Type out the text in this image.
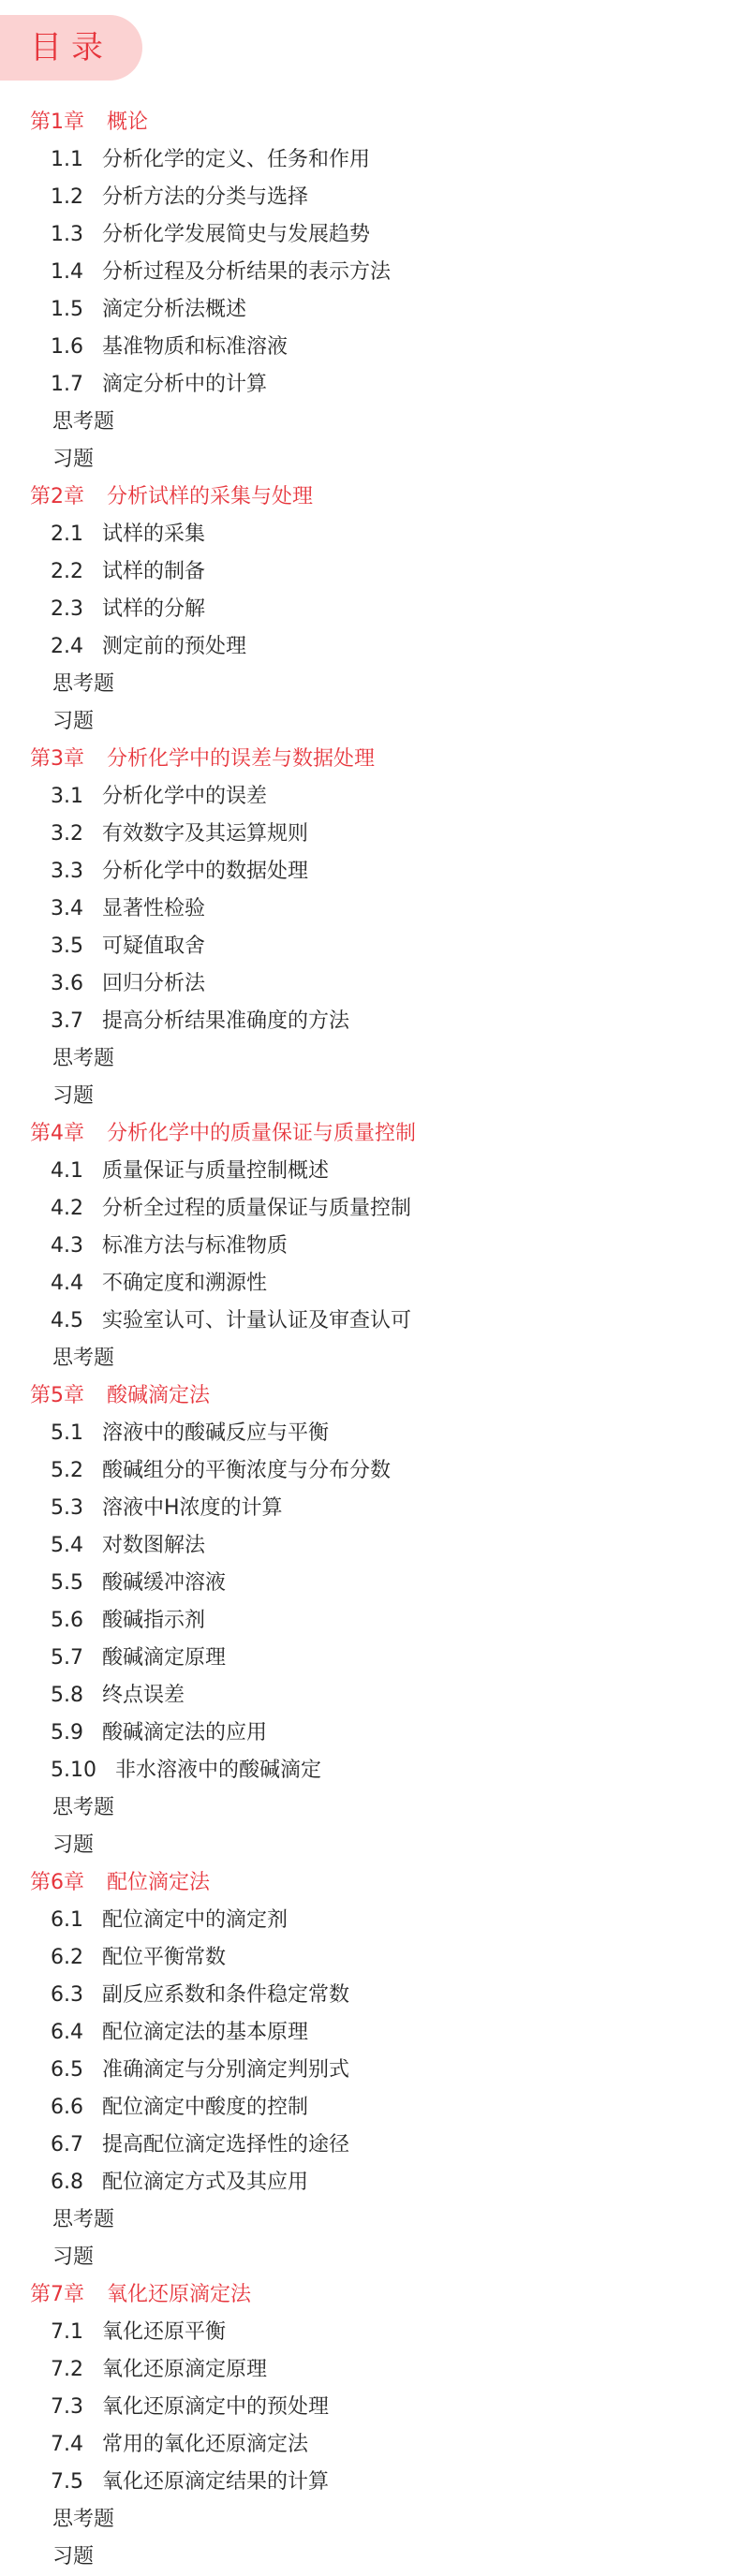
目录
第1章 概论
1.1 分析化学的定义、任务和作用
1.2 分析方法的分类与选择
1.3 分析化学发展简史与发展趋势
1.4 分析过程及分析结果的表示方法
1.5 滴定分析法概述
1.6 基准物质和标准溶液
1.7 滴定分析中的计算
思考题
习题
第2章 分析试样的采集与处理
2.1 试样的采集
2.2 试样的制备
2.3 试样的分解
2.4 测定前的预处理
思考题
习题
第3章 分析化学中的误差与数据处理
3.1 分析化学中的误差
3.2 有效数字及其运算规则
3.3 分析化学中的数据处理
3.4 显著性检验
3.5 可疑值取舍
3.6 回归分析法
3.7 提高分析结果准确度的方法
思考题
习题
第4章 分析化学中的质量保证与质量控制
4.1 质量保证与质量控制概述
4.2 分析全过程的质量保证与质量控制
4.3 标准方法与标准物质
4.4 不确定度和溯源性
4.5 实验室认可、计量认证及审查认可
思考题
第5章 酸碱滴定法
5.1 溶液中的酸碱反应与平衡
5.2 酸碱组分的平衡浓度与分布分数
5.3 溶液中H浓度的计算
5.4 对数图解法
5.5 酸碱缓冲溶液
5.6 酸碱指示剂
5.7 酸碱滴定原理
5.8 终点误差
5.9 酸碱滴定法的应用
5.10 非水溶液中的酸碱滴定
思考题
习题
第6章 配位滴定法
6.1 配位滴定中的滴定剂
6.2 配位平衡常数
6.3 副反应系数和条件稳定常数
6.4 配位滴定法的基本原理
6.5 准确滴定与分别滴定判别式
6.6 配位滴定中酸度的控制
6.7 提高配位滴定选择性的途径
6.8 配位滴定方式及其应用
思考题
习题
第7章 氧化还原滴定法
7.1 氧化还原平衡
7.2 氧化还原滴定原理
7.3 氧化还原滴定中的预处理
7.4 常用的氧化还原滴定法
7.5 氧化还原滴定结果的计算
思考题
习题
